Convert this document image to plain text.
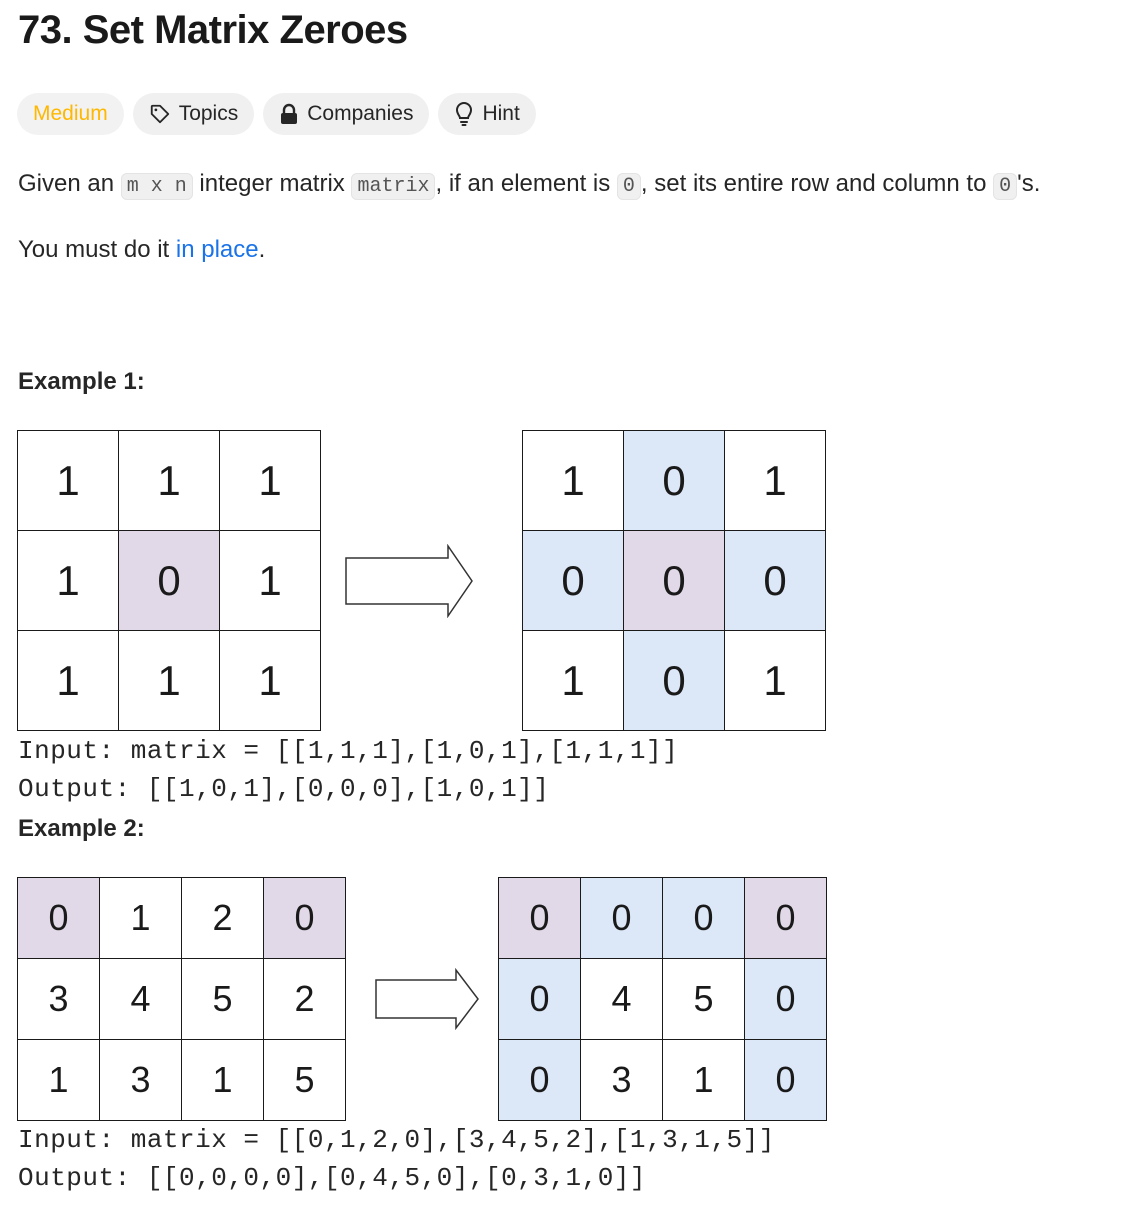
73. Set Matrix Zeroes
Medium	Topics	Companies	Hint

Given an m x n integer matrix matrix , if an element is 0 , set its entire row and column to 0 's.

You must do it in place.

Example 1:
1	1	1
1	0	1
1	1	1
1	0	1
0	0	0
1	0	1

Input: matrix = [[1,1,1],[1,0,1],[1,1,1]]

Output: [[1,0,1],[0,0,0],[1,0,1]]

Example 2:
0	1	2	0
3	4	5	2
1	3	1	5
0	0	0	0
0	4	5	0
0	3	1	0

Input: matrix = [[0,1,2,0],[3,4,5,2],[1,3,1,5]]

Output: [[0,0,0,0],[0,4,5,0],[0,3,1,0]]
